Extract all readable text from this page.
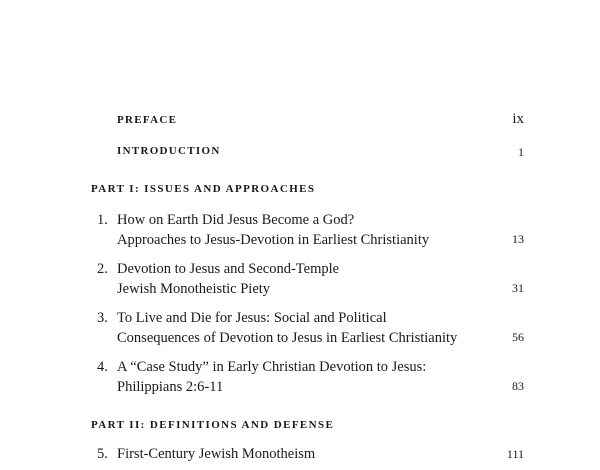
PREFACE	ix
INTRODUCTION	1
PART I: ISSUES AND APPROACHES
1. How on Earth Did Jesus Become a God?
Approaches to Jesus-Devotion in Earliest Christianity	13
2. Devotion to Jesus and Second-Temple
Jewish Monotheistic Piety	31
3. To Live and Die for Jesus: Social and Political
Consequences of Devotion to Jesus in Earliest Christianity	56
4. A “Case Study” in Early Christian Devotion to Jesus:
Philippians 2:6-11	83
PART II: DEFINITIONS AND DEFENSE
5. First-Century Jewish Monotheism	111
